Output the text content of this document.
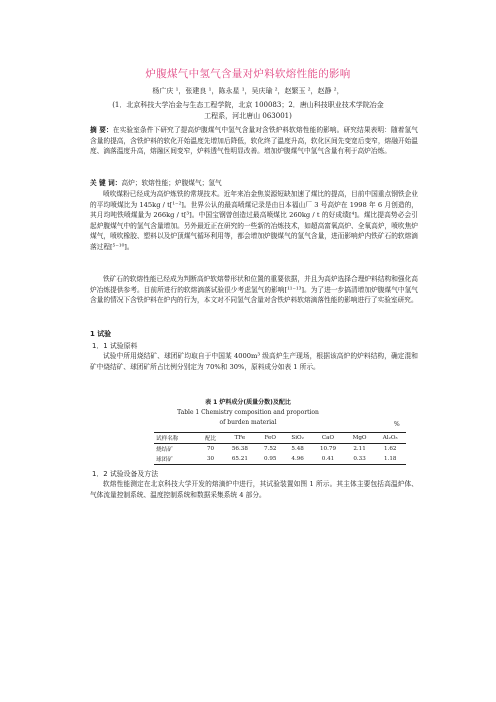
炉腹煤气中氢气含量对炉料软熔性能的影响
杨广庆 ¹，张建良 ¹，陈永星 ¹，吴庆瑜 ²，赵繁玉 ²，赵静 ²，
(1．北京科技大学冶金与生态工程学院，北京 100083；2．唐山科技职业技术学院冶金
工程系，河北唐山 063001)
摘 要：在实验室条件下研究了提高炉腹煤气中氢气含量对含铁炉料软熔性能的影响。研究结果表明：随着氢气含量的提高，含铁炉料的软化开始温度先增加后降低，软化终了温度升高，软化区间先变宽后变窄，熔融开始温度、滴落温度升高，熔融区间变窄，炉料透气性明显改善。增加炉腹煤气中氢气含量有利于高炉冶炼。
关 键 词：高炉；软熔性能；炉腹煤气；氢气
喷吹煤粉已经成为高炉炼铁的常规技术。近年来冶金焦炭源短缺加速了煤比的提高，目前中国重点钢铁企业的平均喷煤比为 145kg / t[¹⁻²]。世界公认的最高喷煤记录是由日本福山厂 3 号高炉在 1998 年 6 月创造的，其月均吨铁喷煤量为 266kg / t[³]。中国宝钢曾创造过最高喷煤比 260kg / t 的好成绩[⁴]。煤比提高势必会引起炉腹煤气中的氢气含量增加。另外最近正在研究的一些新的冶炼技术，如超高富氧高炉、全氧高炉，喷吹焦炉煤气，喷吹橡胶、塑料以及炉顶煤气循环利用等，都会增加炉腹煤气的氢气含量，进而影响炉内铁矿石的软熔滴落过程[⁵⁻¹⁰]。
铁矿石的软熔性能已经成为判断高炉软熔带形状和位置的重要依据，并且为高炉选择合理炉料结构和强化高炉冶炼提供参考。目前所进行的软熔滴落试验很少考虑氢气的影响[¹¹⁻¹³]。为了进一步搞清增加炉腹煤气中氢气含量的情况下含铁炉料在炉内的行为，本文对不同氢气含量对含铁炉料软熔滴落性能的影响进行了实验室研究。
1 试验
1．1 试验原料
试验中所用烧结矿、球团矿均取自于中国某 4000m³ 级高炉生产现场，根据该高炉的炉料结构，确定混和矿中烧结矿、球团矿所占比例分别定为 70%和 30%，原料成分如表 1 所示。
表 1 炉料成分(质量分数)及配比
Table 1 Chemistry composition and proportion
of burden material	%
试样名称	配比	TFe	FeO	SiO₂	CaO	MgO	Al₂O₃
烧结矿	70	56.38	7.52	5.48	10.79	2.11	1.62
球团矿	30	65.21	0.95	4.96	0.41	0.33	1.18
1．2 试验设备及方法
软熔性能测定在北京科技大学开发的熔滴炉中进行，其试验装置如图 1 所示。其主体主要包括高温炉体、气体流量控制系统、温度控制系统和数据采集系统 4 部分。
